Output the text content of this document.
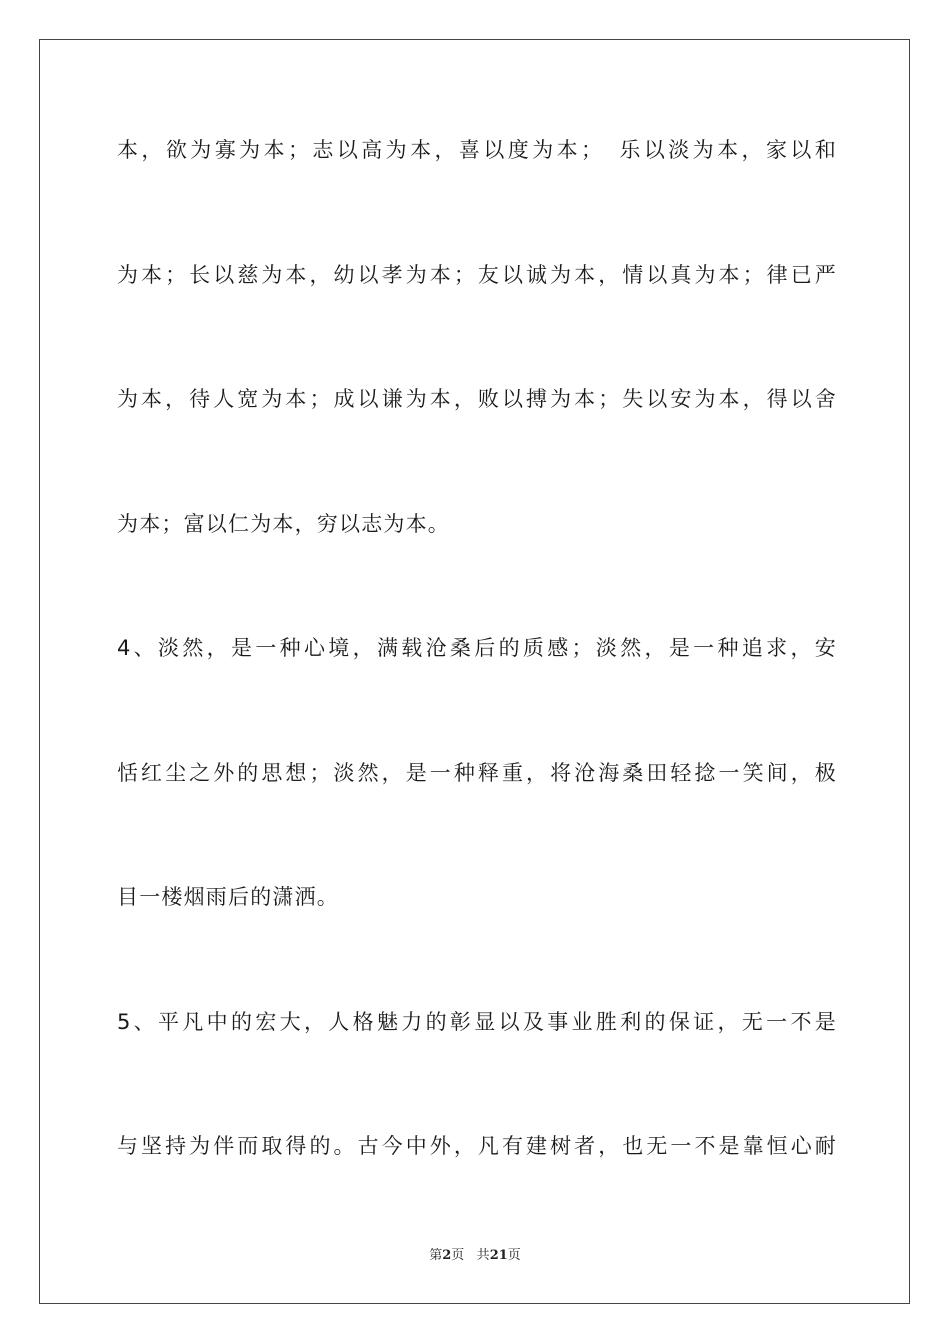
本，欲为寡为本；志以高为本，喜以度为本；　乐以淡为本，家以和
为本；长以慈为本，幼以孝为本；友以诚为本，情以真为本；律已严
为本，待人宽为本；成以谦为本，败以搏为本；失以安为本，得以舍
为本；富以仁为本，穷以志为本。
4、淡然，是一种心境，满载沧桑后的质感；淡然，是一种追求，安
恬红尘之外的思想；淡然，是一种释重，将沧海桑田轻捻一笑间，极
目一楼烟雨后的潇洒。
5、平凡中的宏大，人格魅力的彰显以及事业胜利的保证，无一不是
与坚持为伴而取得的。古今中外，凡有建树者，也无一不是靠恒心耐
第2页 共21页
